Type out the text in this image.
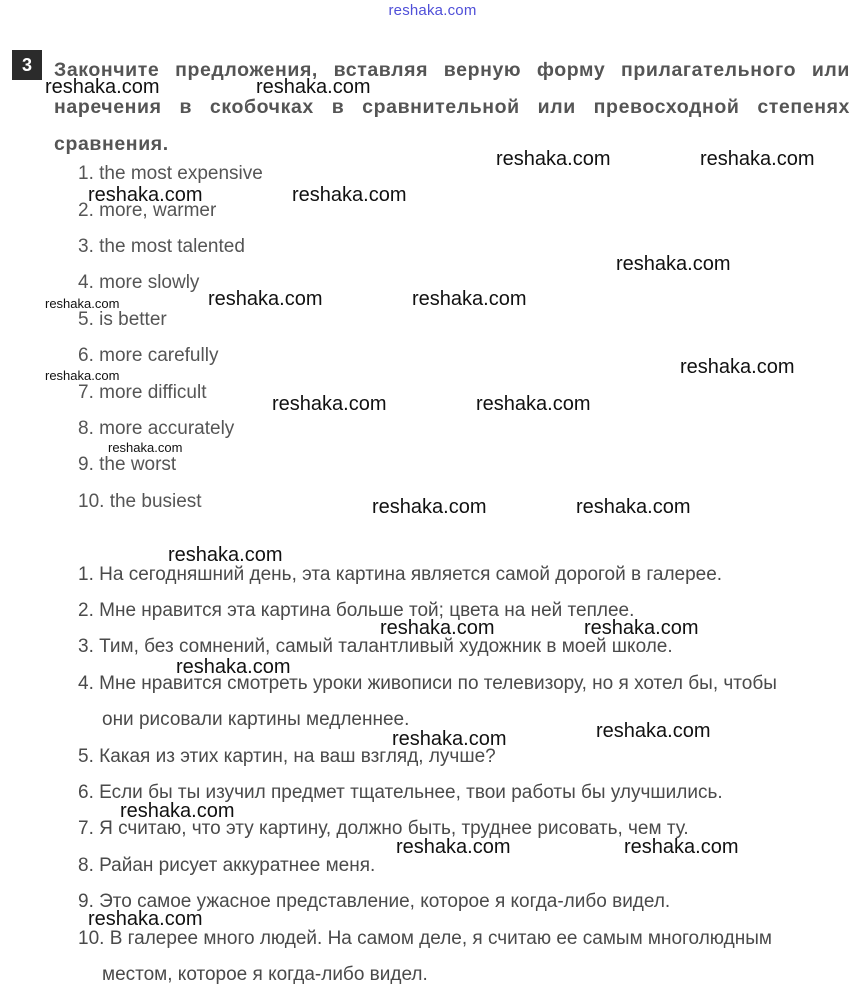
reshaka.com
3	Закончите предложения, вставляя верную форму прилагательного или наречения в скобочках в сравнительной или превосходной степенях сравнения.
1. the most expensive
2. more, warmer
3. the most talented
4. more slowly
5. is better
6. more carefully
7. more difficult
8. more accurately
9. the worst
10. the busiest
1. На сегодняшний день, эта картина является самой дорогой в галерее.
2. Мне нравится эта картина больше той; цвета на ней теплее.
3. Тим, без сомнений, самый талантливый художник в моей школе.
4. Мне нравится смотреть уроки живописи по телевизору, но я хотел бы, чтобы
они рисовали картины медленнее.
5. Какая из этих картин, на ваш взгляд, лучше?
6. Если бы ты изучил предмет тщательнее, твои работы бы улучшились.
7. Я считаю, что эту картину, должно быть, труднее рисовать, чем ту.
8. Райан рисует аккуратнее меня.
9. Это самое ужасное представление, которое я когда-либо видел.
10. В галерее много людей. На самом деле, я считаю ее самым многолюдным
местом, которое я когда-либо видел.
reshaka.com	reshaka.com
reshaka.com	reshaka.com
reshaka.com	reshaka.com
reshaka.com
reshaka.com	reshaka.com	reshaka.com
reshaka.com	reshaka.com
reshaka.com	reshaka.com
reshaka.com
reshaka.com	reshaka.com
reshaka.com
reshaka.com	reshaka.com
reshaka.com
reshaka.com
reshaka.com
reshaka.com
reshaka.com	reshaka.com
reshaka.com
